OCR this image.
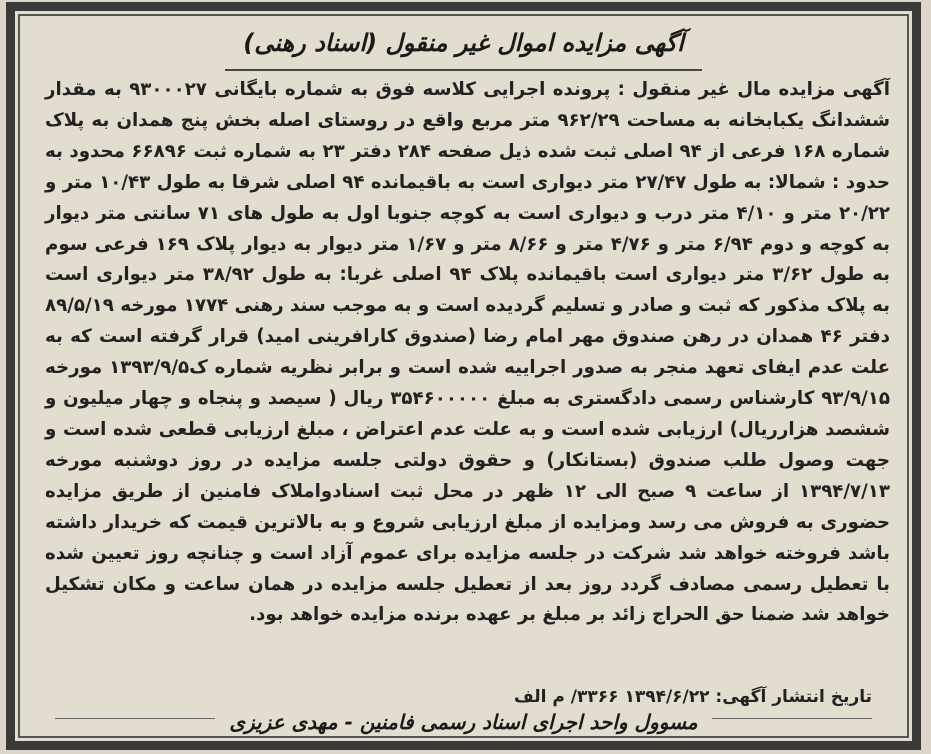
آگهی مزایده اموال غیر منقول (اسناد رهنی)
آگهی مزایده مال غیر منقول : پرونده اجرایی کلاسه فوق به شماره بایگانی ۹۳۰۰۰۲۷ به مقدار ششدانگ یکبابخانه به مساحت ۹۶۲/۲۹ متر مربع واقع در روستای اصله بخش پنج همدان به پلاک شماره ۱۶۸ فرعی از ۹۴ اصلی ثبت شده ذیل صفحه ۲۸۴ دفتر ۲۳ به شماره ثبت ۶۶۸۹۶ محدود به حدود : شمالا: به طول ۲۷/۴۷ متر دیواری است به باقیمانده ۹۴ اصلی شرقا به طول ۱۰/۴۳ متر و ۲۰/۲۲ متر و ۴/۱۰ متر درب و دیواری است به کوچه جنوبا اول به طول های ۷۱ سانتی متر دیوار به کوچه و دوم ۶/۹۴ متر و ۴/۷۶ متر و ۸/۶۶ متر و ۱/۶۷ متر دیوار به دیوار پلاک ۱۶۹ فرعی سوم به طول ۳/۶۲ متر دیواری است باقیمانده پلاک ۹۴ اصلی غربا: به طول ۳۸/۹۲ متر دیواری است به پلاک مذکور که ثبت و صادر و تسلیم گردیده است و به موجب سند رهنی ۱۷۷۴ مورخه ۸۹/۵/۱۹ دفتر ۴۶ همدان در رهن صندوق مهر امام رضا (صندوق کارافرینی امید) قرار گرفته است که به علت عدم ایفای تعهد منجر به صدور اجراییه شده است و برابر نظریه شماره ک۱۳۹۳/۹/۵ مورخه ۹۳/۹/۱۵ کارشناس رسمی دادگستری به مبلغ ۳۵۴۶۰۰۰۰۰ ریال ( سیصد و پنجاه و چهار میلیون و ششصد هزارریال) ارزیابی شده است و به علت عدم اعتراض ، مبلغ ارزیابی قطعی شده است و جهت وصول طلب صندوق (بستانکار) و حقوق دولتی جلسه مزایده در روز دوشنبه مورخه ۱۳۹۴/۷/۱۳ از ساعت ۹ صبح الی ۱۲ ظهر در محل ثبت اسنادواملاک فامنین از طریق مزایده حضوری به فروش می رسد ومزایده از مبلغ ارزیابی شروع و به بالاترین قیمت که خریدار داشته باشد فروخته خواهد شد شرکت در جلسه مزایده برای عموم آزاد است و چنانچه روز تعیین شده با تعطیل رسمی مصادف گردد روز بعد از تعطیل جلسه مزایده در همان ساعت و مکان تشکیل خواهد شد ضمنا حق الحراج زائد بر مبلغ بر عهده برنده مزایده خواهد بود.
تاریخ انتشار آگهی: ۱۳۹۴/۶/۲۲ ۳۳۶۶/ م الف
مسوول واحد اجرای اسناد رسمی فامنین - مهدی عزیزی
